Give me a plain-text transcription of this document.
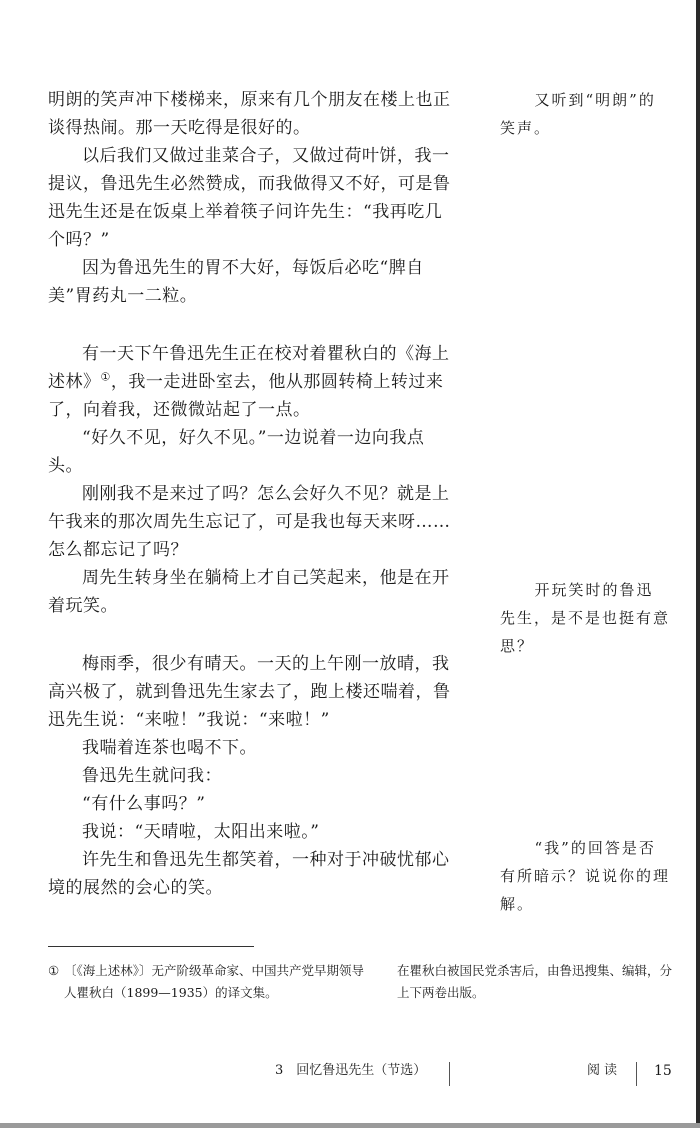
明朗的笑声冲下楼梯来，原来有几个朋友在楼上也正谈得热闹。那一天吃得是很好的。

以后我们又做过韭菜合子，又做过荷叶饼，我一提议，鲁迅先生必然赞成，而我做得又不好，可是鲁迅先生还是在饭桌上举着筷子问许先生：“我再吃几个吗？”

因为鲁迅先生的胃不大好，每饭后必吃“脾自美”胃药丸一二粒。

有一天下午鲁迅先生正在校对着瞿秋白的《海上述林》①，我一走进卧室去，他从那圆转椅上转过来了，向着我，还微微站起了一点。

“好久不见，好久不见。”一边说着一边向我点头。

刚刚我不是来过了吗？怎么会好久不见？就是上午我来的那次周先生忘记了，可是我也每天来呀……怎么都忘记了吗？

周先生转身坐在躺椅上才自己笑起来，他是在开着玩笑。

梅雨季，很少有晴天。一天的上午刚一放晴，我高兴极了，就到鲁迅先生家去了，跑上楼还喘着，鲁迅先生说：“来啦！”我说：“来啦！”

我喘着连茶也喝不下。

鲁迅先生就问我：

“有什么事吗？”

我说：“天晴啦，太阳出来啦。”

许先生和鲁迅先生都笑着，一种对于冲破忧郁心境的展然的会心的笑。

又听到“明朗”的笑声。

开玩笑时的鲁迅先生，是不是也挺有意思？

“我”的回答是否有所暗示？说说你的理解。

① 〔《海上述林》〕无产阶级革命家、中国共产党早期领导人瞿秋白（1899—1935）的译文集。
在瞿秋白被国民党杀害后，由鲁迅搜集、编辑，分上下两卷出版。
3　回忆鲁迅先生（节选）	阅读 15
